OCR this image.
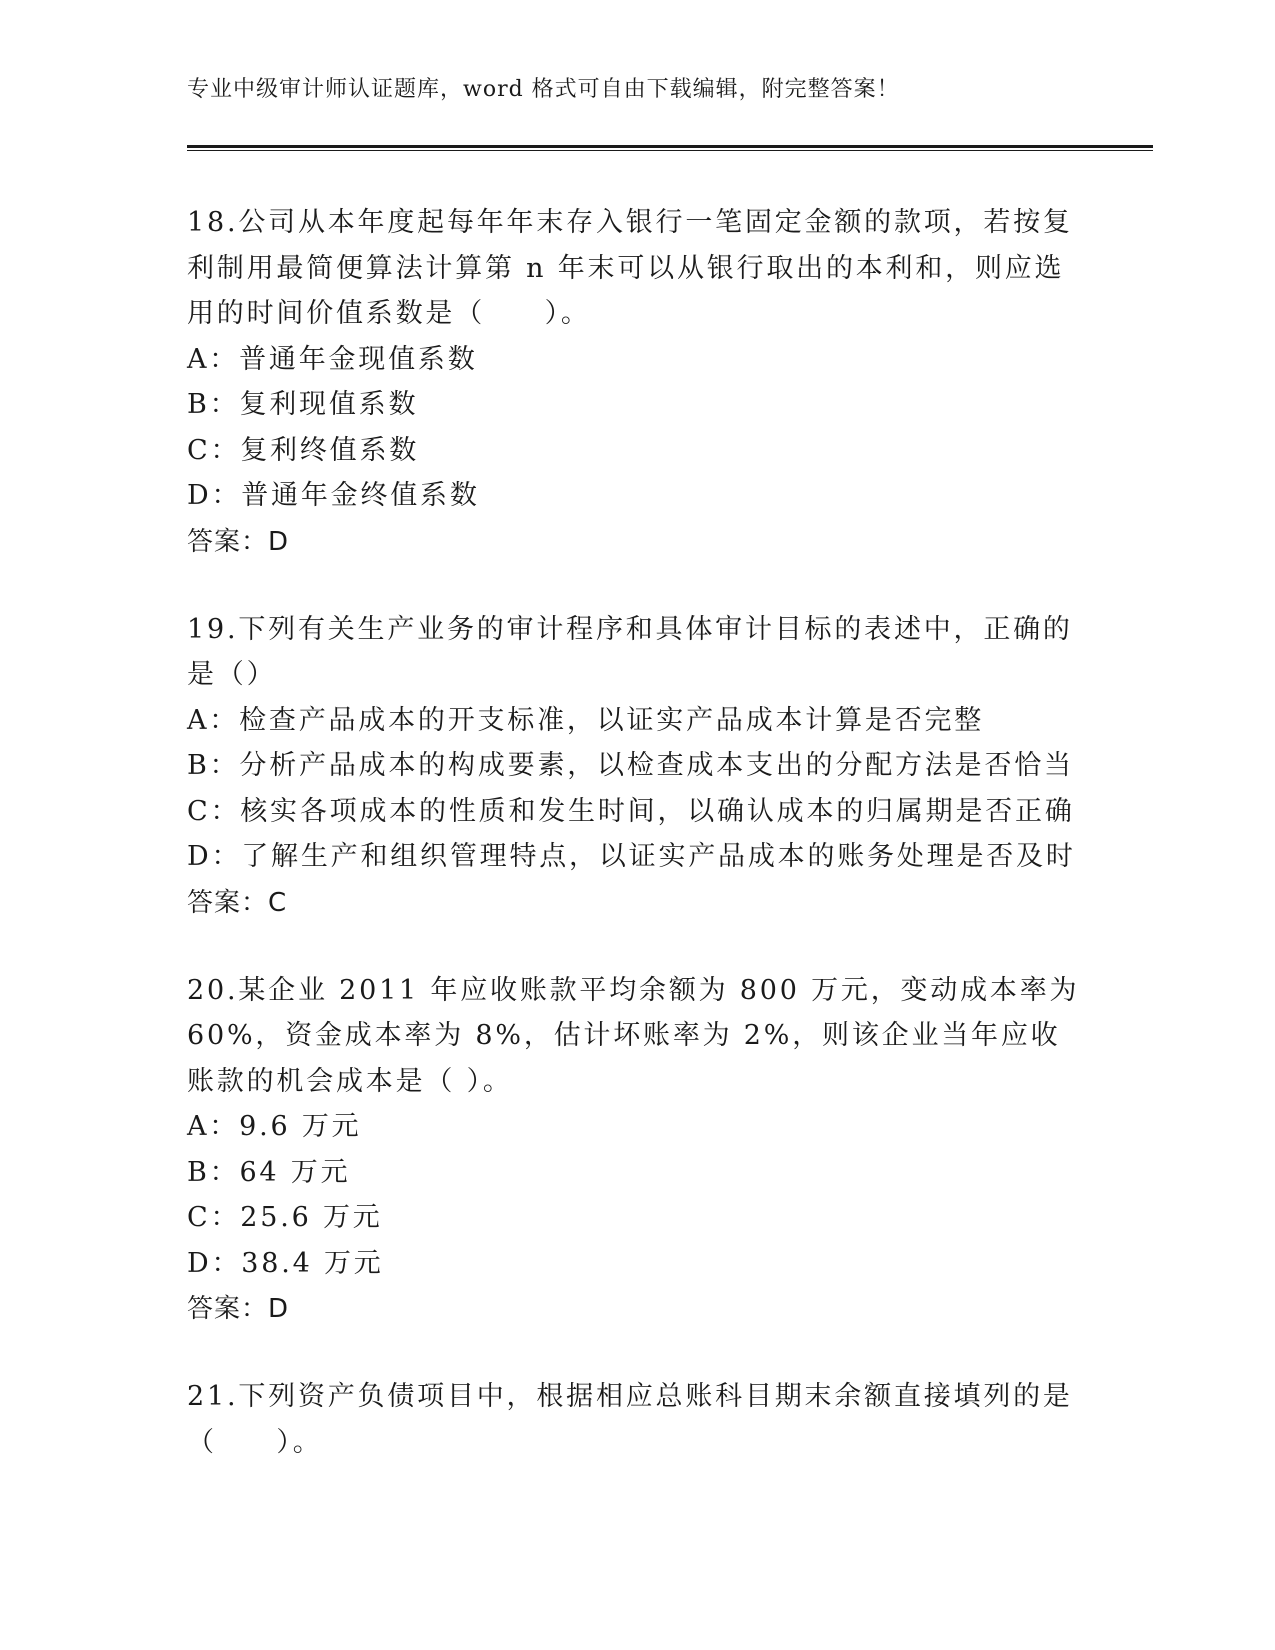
专业中级审计师认证题库，word 格式可自由下载编辑，附完整答案！

18.公司从本年度起每年年末存入银行一笔固定金额的款项，若按复利制用最简便算法计算第 n 年末可以从银行取出的本利和，则应选用的时间价值系数是（　　）。

A：普通年金现值系数

B：复利现值系数

C：复利终值系数

D：普通年金终值系数

答案：D

19.下列有关生产业务的审计程序和具体审计目标的表述中，正确的是（）

A：检查产品成本的开支标准，以证实产品成本计算是否完整

B：分析产品成本的构成要素，以检查成本支出的分配方法是否恰当

C：核实各项成本的性质和发生时间，以确认成本的归属期是否正确

D：了解生产和组织管理特点，以证实产品成本的账务处理是否及时

答案：C

20.某企业 2011 年应收账款平均余额为 800 万元，变动成本率为 60%，资金成本率为 8%，估计坏账率为 2%，则该企业当年应收账款的机会成本是（ ）。

A：9.6 万元

B：64 万元

C：25.6 万元

D：38.4 万元

答案：D

21.下列资产负债项目中，根据相应总账科目期末余额直接填列的是（　　）。
